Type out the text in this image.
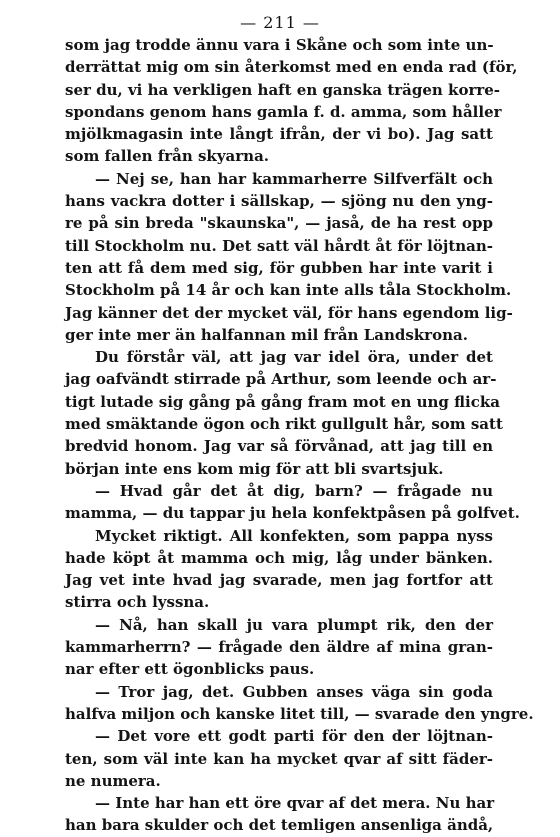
— 211 —
som jag trodde ännu vara i Skåne och som inte un-
derrättat mig om sin återkomst med en enda rad (för,
ser du, vi ha verkligen haft en ganska trägen korre-
spondans genom hans gamla f. d. amma, som håller
mjölkmagasin inte långt ifrån, der vi bo). Jag satt
som fallen från skyarna.
— Nej se, han har kammarherre Silfverfält och
hans vackra dotter i sällskap, — sjöng nu den yng-
re på sin breda "skaunska", — jaså, de ha rest opp
till Stockholm nu. Det satt väl hårdt åt för löjtnan-
ten att få dem med sig, för gubben har inte varit i
Stockholm på 14 år och kan inte alls tåla Stockholm.
Jag känner det der mycket väl, för hans egendom lig-
ger inte mer än halfannan mil från Landskrona.
Du förstår väl, att jag var idel öra, under det
jag oafvändt stirrade på Arthur, som leende och ar-
tigt lutade sig gång på gång fram mot en ung flicka
med smäktande ögon och rikt gullgult hår, som satt
bredvid honom. Jag var så förvånad, att jag till en
början inte ens kom mig för att bli svartsjuk.
— Hvad går det åt dig, barn? — frågade nu
mamma, — du tappar ju hela konfektpåsen på golfvet.
Mycket riktigt. All konfekten, som pappa nyss
hade köpt åt mamma och mig, låg under bänken.
Jag vet inte hvad jag svarade, men jag fortfor att
stirra och lyssna.
— Nå, han skall ju vara plumpt rik, den der
kammarherrn? — frågade den äldre af mina gran-
nar efter ett ögonblicks paus.
— Tror jag, det. Gubben anses väga sin goda
halfva miljon och kanske litet till, — svarade den yngre.
— Det vore ett godt parti för den der löjtnan-
ten, som väl inte kan ha mycket qvar af sitt fäder-
ne numera.
— Inte har han ett öre qvar af det mera. Nu har
han bara skulder och det temligen ansenliga ändå,
